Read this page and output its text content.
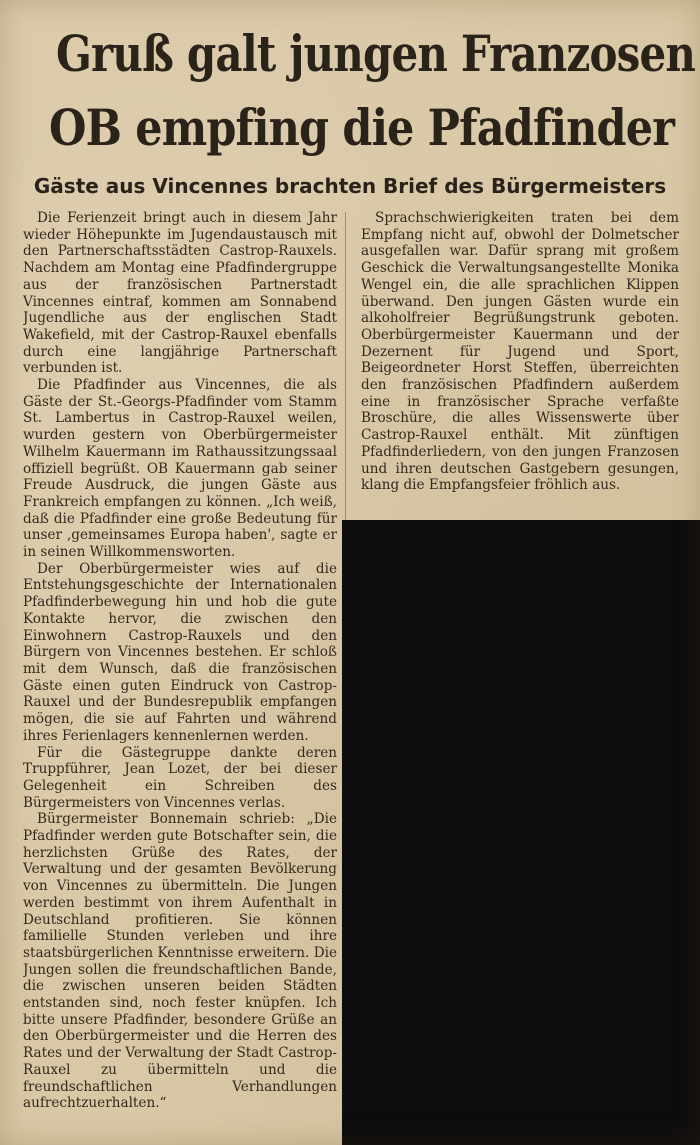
Gruß galt jungen Franzosen
OB empfing die Pfadfinder
Gäste aus Vincennes brachten Brief des Bürgermeisters

Die Ferienzeit bringt auch in diesem Jahr wieder Höhepunkte im Jugendaustausch mit den Partnerschaftsstädten Castrop-Rauxels. Nachdem am Montag eine Pfadfindergruppe aus der französischen Partnerstadt Vincennes eintraf, kommen am Sonnabend Jugendliche aus der englischen Stadt Wakefield, mit der Castrop-Rauxel ebenfalls durch eine langjährige Partnerschaft verbunden ist.

Die Pfadfinder aus Vincennes, die als Gäste der St.-Georgs-Pfadfinder vom Stamm St. Lambertus in Castrop-Rauxel weilen, wurden gestern von Oberbürgermeister Wilhelm Kauermann im Rathaussitzungssaal offiziell begrüßt. OB Kauermann gab seiner Freude Ausdruck, die jungen Gäste aus Frankreich empfangen zu können. „Ich weiß, daß die Pfadfinder eine große Bedeutung für unser ‚gemeinsames Europa haben', sagte er in seinen Willkommensworten.

Der Oberbürgermeister wies auf die Entstehungsgeschichte der Internationalen Pfadfinderbewegung hin und hob die gute Kontakte hervor, die zwischen den Einwohnern Castrop-Rauxels und den Bürgern von Vincennes bestehen. Er schloß mit dem Wunsch, daß die französischen Gäste einen guten Eindruck von Castrop-Rauxel und der Bundesrepublik empfangen mögen, die sie auf Fahrten und während ihres Ferienlagers kennenlernen werden.

Für die Gästegruppe dankte deren Truppführer, Jean Lozet, der bei dieser Gelegenheit ein Schreiben des Bürgermeisters von Vincennes verlas.

Bürgermeister Bonnemain schrieb: „Die Pfadfinder werden gute Botschafter sein, die herzlichsten Grüße des Rates, der Verwaltung und der gesamten Bevölkerung von Vincennes zu übermitteln. Die Jungen werden bestimmt von ihrem Aufenthalt in Deutschland profitieren. Sie können familielle Stunden verleben und ihre staatsbürgerlichen Kenntnisse erweitern. Die Jungen sollen die freundschaftlichen Bande, die zwischen unseren beiden Städten entstanden sind, noch fester knüpfen. Ich bitte unsere Pfadfinder, besondere Grüße an den Oberbürgermeister und die Herren des Rates und der Verwaltung der Stadt Castrop-Rauxel zu übermitteln und die freundschaftlichen Verhandlungen aufrechtzuerhalten.“

Sprachschwierigkeiten traten bei dem Empfang nicht auf, obwohl der Dolmetscher ausgefallen war. Dafür sprang mit großem Geschick die Verwaltungsangestellte Monika Wengel ein, die alle sprachlichen Klippen überwand. Den jungen Gästen wurde ein alkoholfreier Begrüßungstrunk geboten. Oberbürgermeister Kauermann und der Dezernent für Jugend und Sport, Beigeordneter Horst Steffen, überreichten den französischen Pfadfindern außerdem eine in französischer Sprache verfaßte Broschüre, die alles Wissenswerte über Castrop-Rauxel enthält. Mit zünftigen Pfadfinderliedern, von den jungen Franzosen und ihren deutschen Gastgebern gesungen, klang die Empfangsfeier fröhlich aus.
